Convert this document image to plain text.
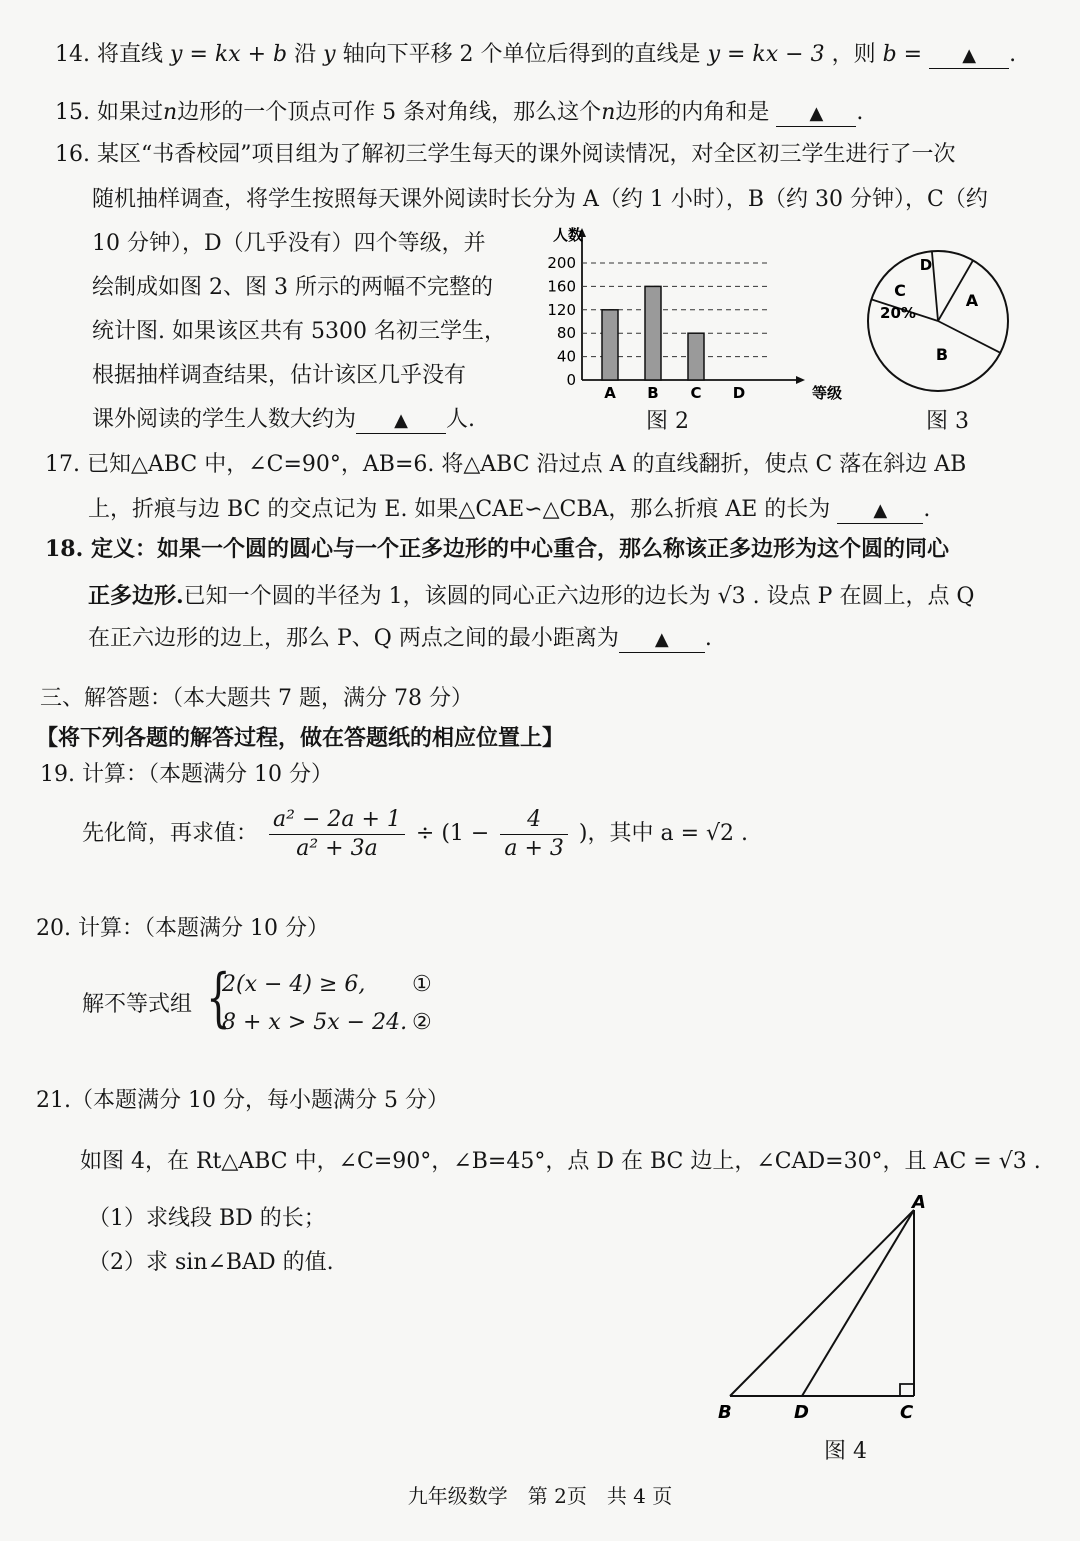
14. 将直线 y = kx + b 沿 y 轴向下平移 2 个单位后得到的直线是 y = kx − 3 ，则 b = ▲ .
15. 如果过n边形的一个顶点可作 5 条对角线，那么这个n边形的内角和是 ▲ .
16. 某区“书香校园”项目组为了解初三学生每天的课外阅读情况，对全区初三学生进行了一次
随机抽样调查，将学生按照每天课外阅读时长分为 A（约 1 小时），B（约 30 分钟），C（约
10 分钟），D（几乎没有）四个等级，并
绘制成如图 2、图 3 所示的两幅不完整的
统计图. 如果该区共有 5300 名初三学生，
根据抽样调查结果，估计该区几乎没有
课外阅读的学生人数大约为 ▲ 人.
0
40
80
120
160
200
人数
等级
A B C D
图 2
A
B
C
20%
D
图 3
17. 已知△ABC 中，∠C=90°，AB=6. 将△ABC 沿过点 A 的直线翻折，使点 C 落在斜边 AB
上，折痕与边 BC 的交点记为 E. 如果△CAE∽△CBA，那么折痕 AE 的长为 ▲ .
18. 定义：如果一个圆的圆心与一个正多边形的中心重合，那么称该正多边形为这个圆的同心
正多边形.已知一个圆的半径为 1，该圆的同心正六边形的边长为 √3 . 设点 P 在圆上，点 Q
在正六边形的边上，那么 P、Q 两点之间的最小距离为 ▲ .
三、解答题：（本大题共 7 题，满分 78 分）
【将下列各题的解答过程，做在答题纸的相应位置上】
19. 计算：（本题满分 10 分）
先化简，再求值： $\frac{\text{a² − 2a + 1}}{\text{a² + 3a}} \div (1 - \frac{4}{a + 3}$ )，其中 a = √2 .
20. 计算：（本题满分 10 分）
解不等式组 {
2(x − 4) ≥ 6,
8 + x > 5x − 24.
①
②
21.（本题满分 10 分，每小题满分 5 分）
如图 4，在 Rt△ABC 中，∠C=90°，∠B=45°，点 D 在 BC 边上，∠CAD=30°，且 AC = √3 .
（1）求线段 BD 的长；
（2）求 sin∠BAD 的值.
A
B	D	C
图 4
九年级数学　第 2页　共 4 页
